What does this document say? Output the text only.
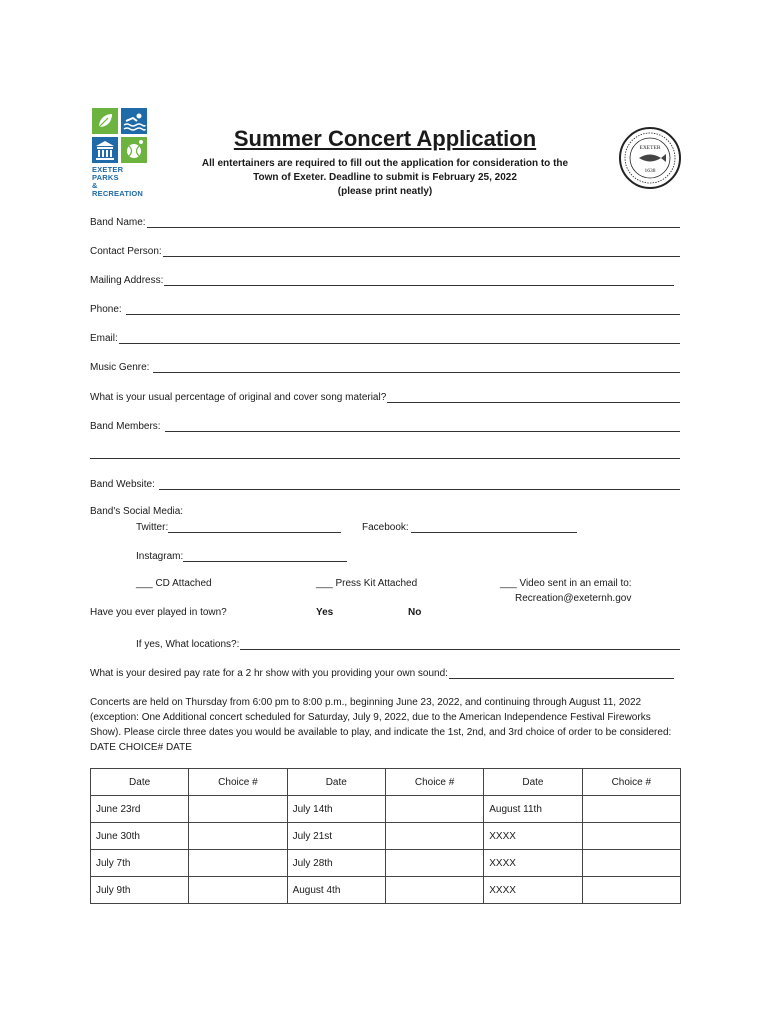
EXETER PARKS
& RECREATION
EXETER
1638
Summer Concert Application
All entertainers are required to fill out the application for consideration to the
Town of Exeter. Deadline to submit is February 25, 2022
(please print neatly)
Band Name:
Contact Person:
Mailing Address:
Phone:
Email:
Music Genre:
What is your usual percentage of original and cover song material?
Band Members:
Band Website:
Band's Social Media:
Twitter:	Facebook:
Instagram:
___ CD Attached	___ Press Kit Attached	___ Video sent in an email to:
Recreation@exeternh.gov
Have you ever played in town?	Yes	No
If yes, What locations?:
What is your desired pay rate for a 2 hr show with you providing your own sound:

Concerts are held on Thursday from 6:00 pm to 8:00 p.m., beginning June 23, 2022, and continuing through August 11, 2022

(exception: One Additional concert scheduled for Saturday, July 9, 2022, due to the American Independence Festival Fireworks

Show). Please circle three dates you would be available to play, and indicate the 1st, 2nd, and 3rd choice of order to be considered:

DATE CHOICE# DATE

Date	Choice #	Date	Choice #	Date	Choice #
June 23rd		July 14th		August 11th	
June 30th		July 21st		XXXX	
July 7th		July 28th		XXXX	
July 9th		August 4th		XXXX	
